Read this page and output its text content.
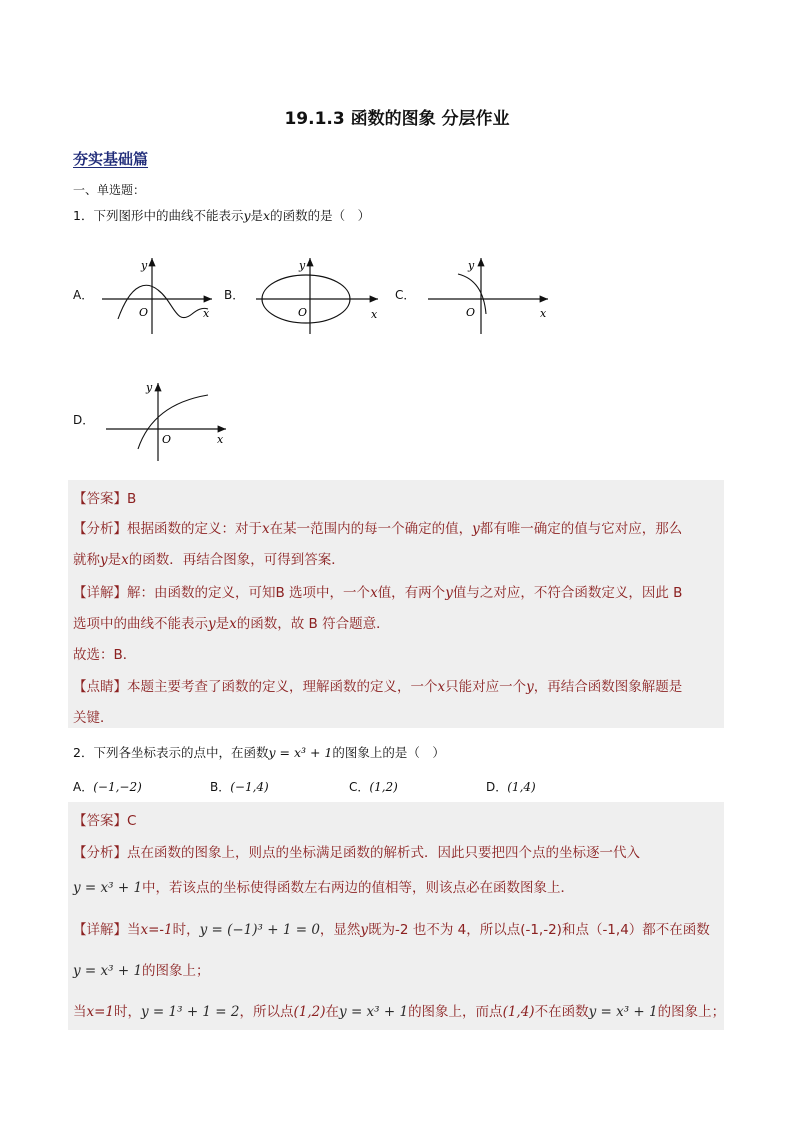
19.1.3 函数的图象 分层作业
夯实基础篇
一、单选题：
1．下列图形中的曲线不能表示y是x的函数的是（　）
A．
y
O	x
B．
y
O	x
C．
y
O	x
D．
y
O	x
【答案】B
【分析】根据函数的定义：对于x在某一范围内的每一个确定的值，y都有唯一确定的值与它对应，那么
就称y是x的函数．再结合图象，可得到答案．
【详解】解：由函数的定义，可知B 选项中，一个x值，有两个y值与之对应，不符合函数定义，因此 B
选项中的曲线不能表示y是x的函数，故 B 符合题意．
故选：B．
【点睛】本题主要考查了函数的定义，理解函数的定义，一个x只能对应一个y，再结合函数图象解题是
关键．
2．下列各坐标表示的点中，在函数y = x³ + 1的图象上的是（　）
A．(−1,−2)	B．(−1,4)	C．(1,2)	D．(1,4)
【答案】C
【分析】点在函数的图象上，则点的坐标满足函数的解析式．因此只要把四个点的坐标逐一代入
y = x³ + 1中，若该点的坐标使得函数左右两边的值相等，则该点必在函数图象上．
【详解】当x=-1时，y = (−1)³ + 1 = 0，显然y既为-2 也不为 4，所以点(-1,-2)和点（-1,4）都不在函数
y = x³ + 1的图象上；
当x=1时，y = 1³ + 1 = 2，所以点(1,2)在y = x³ + 1的图象上，而点(1,4)不在函数y = x³ + 1的图象上；
